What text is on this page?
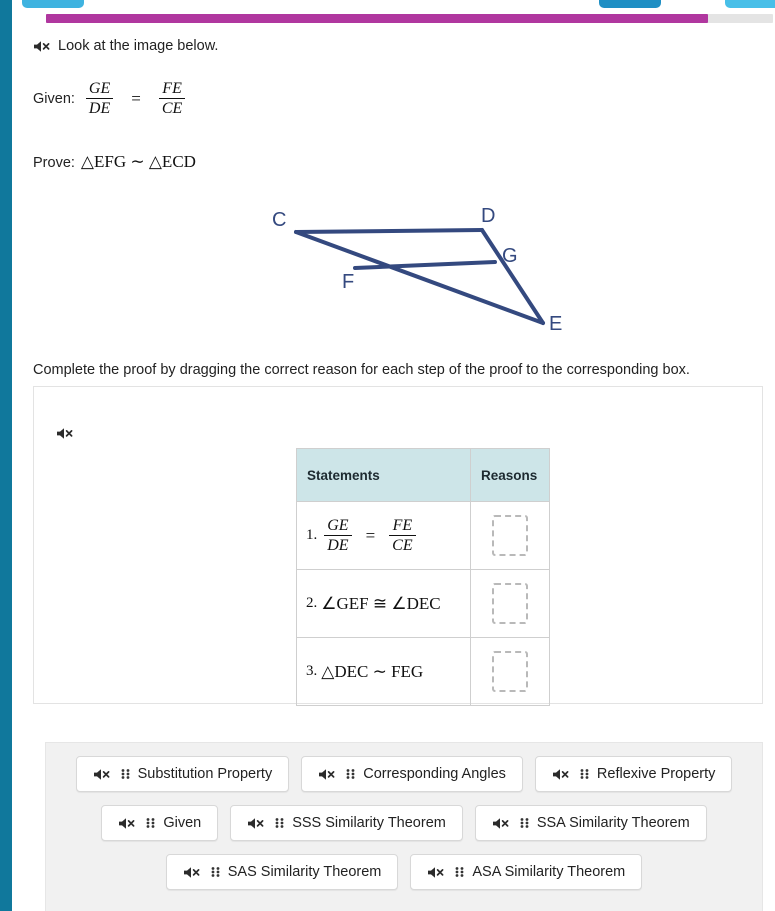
Look at the image below.
Given: $\frac{GE}{DE} = \frac{FE}{CE}$
Prove: △EFG ∼ △ECD
C	D
G
F
E
Complete the proof by dragging the correct reason for each step of the proof to the corresponding box.
Statements	Reasons

1. $\frac{GE}{DE} = \frac{FE}{CE}$

2. ∠GEF ≅ ∠DEC	

3. △DEC ∼ FEG	

Substitution Property	Corresponding Angles	Reflexive Property
Given	SSS Similarity Theorem	SSA Similarity Theorem
SAS Similarity Theorem	ASA Similarity Theorem
